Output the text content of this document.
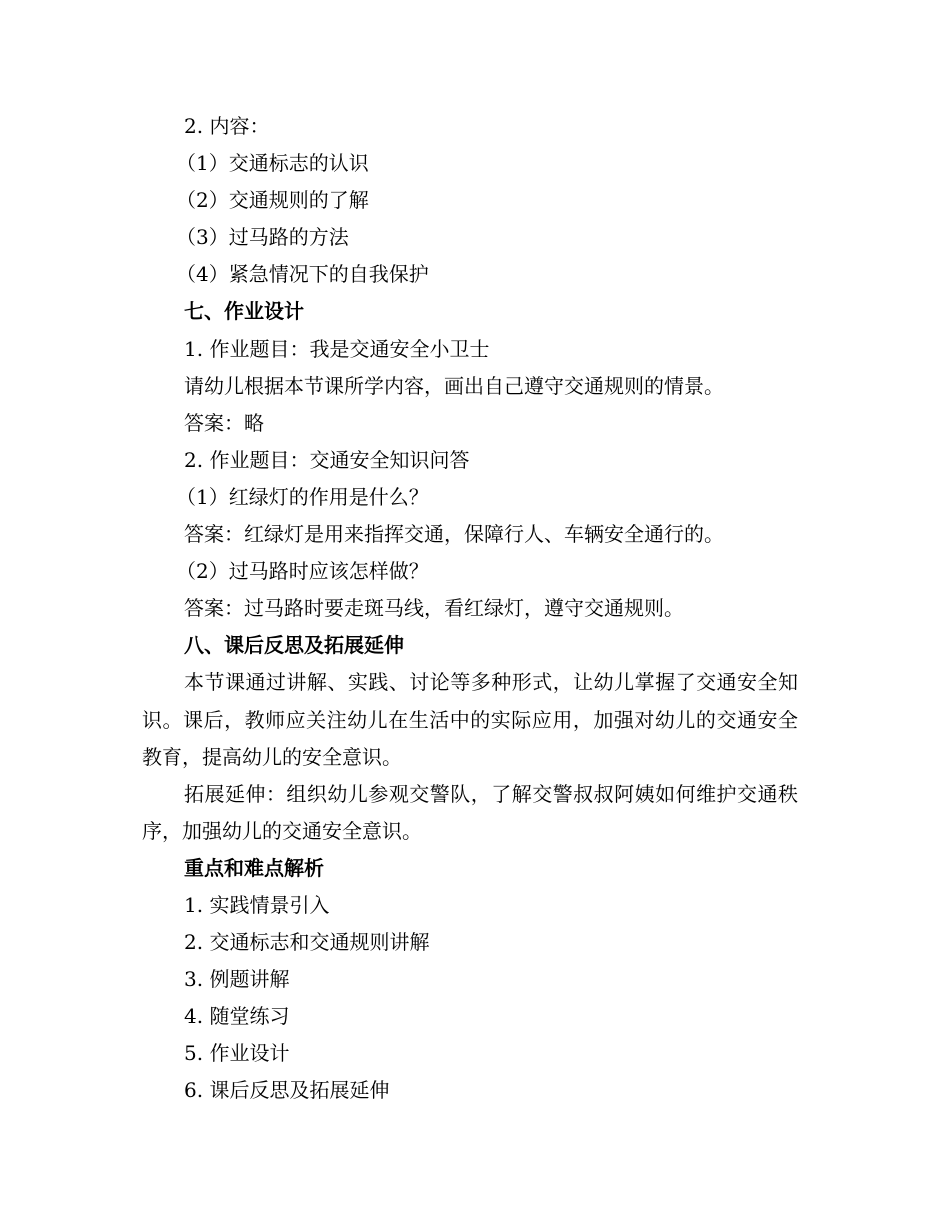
2. 内容：
（1）交通标志的认识
（2）交通规则的了解
（3）过马路的方法
（4）紧急情况下的自我保护
七、作业设计
1. 作业题目：我是交通安全小卫士
请幼儿根据本节课所学内容，画出自己遵守交通规则的情景。
答案：略
2. 作业题目：交通安全知识问答
（1）红绿灯的作用是什么？
答案：红绿灯是用来指挥交通，保障行人、车辆安全通行的。
（2）过马路时应该怎样做？
答案：过马路时要走斑马线，看红绿灯，遵守交通规则。
八、课后反思及拓展延伸
本节课通过讲解、实践、讨论等多种形式，让幼儿掌握了交通安全知识。课后，教师应关注幼儿在生活中的实际应用，加强对幼儿的交通安全教育，提高幼儿的安全意识。
拓展延伸：组织幼儿参观交警队，了解交警叔叔阿姨如何维护交通秩序，加强幼儿的交通安全意识。
重点和难点解析
1. 实践情景引入
2. 交通标志和交通规则讲解
3. 例题讲解
4. 随堂练习
5. 作业设计
6. 课后反思及拓展延伸
